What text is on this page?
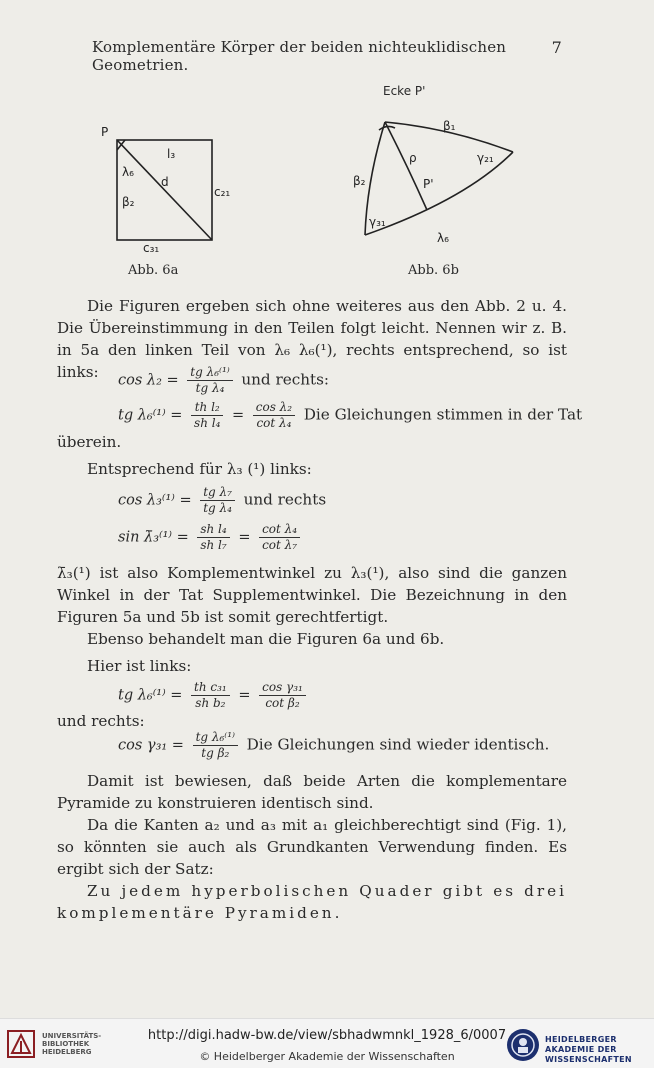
Komplementäre Körper der beiden nichteuklidischen Geometrien.
7
P
λ₆
β₂
l₃
d
c₂₁
c₃₁
Abb. 6a
Ecke P'
β₁
γ₂₁
ρ
P'
β₂
γ₃₁
λ₆
Abb. 6b
Die Figuren ergeben sich ohne weiteres aus den Abb. 2 u. 4. Die Übereinstimmung in den Teilen folgt leicht. Nennen wir z. B. in 5a den linken Teil von λ₆ λ₆(¹), rechts entsprechend, so ist links:	$\cos \lambda_2 = \frac{\text{tg λ₆⁽¹⁾}}{\text{tg λ₄}}$ und rechts:
tg $\lambda_6^{(1)} = \frac{\text{th l₂}}{\text{sh l₄}} = \frac{\text{cos λ₂}}{\text{cot λ₄}}$ Die Gleichungen stimmen in der Tat
überein.
Entsprechend für λ₃ (¹) links:
$\cos \lambda_3^{(1)} = \frac{\text{tg λ₇}}{\text{tg λ₄}}$ und rechts
sin λ̄₃⁽¹⁾ = $\frac{\text{sh l₄}}{\text{sh l₇}} = \frac{\text{cot λ₄}}{\text{cot λ₇}}$
λ̄₃(¹) ist also Komplementwinkel zu λ₃(¹), also sind die ganzen Winkel in der Tat Supplementwinkel. Die Bezeichnung in den Figuren 5a und 5b ist somit gerechtfertigt.
Ebenso behandelt man die Figuren 6a und 6b.
Hier ist links:
tg $\lambda_6^{(1)} = \frac{\text{th c₃₁}}{\text{sh b₂}} = \frac{\text{cos γ₃₁}}{\text{cot β₂}}$
und rechts:
$\cos \gamma_{31} = \frac{\text{tg λ₆⁽¹⁾}}{\text{tg β₂}}$ Die Gleichungen sind wieder identisch.
Damit ist bewiesen, daß beide Arten die komplementare Pyramide zu konstruieren identisch sind.
Da die Kanten a₂ und a₃ mit a₁ gleichberechtigt sind (Fig. 1), so könnten sie auch als Grundkanten Verwendung finden. Es ergibt sich der Satz:
Zu jedem hyperbolischen Quader gibt es drei komplementäre Pyramiden.
UNIVERSITÄTS- BIBLIOTHEK HEIDELBERG
http://digi.hadw-bw.de/view/sbhadwmnkl_1928_6/0007
© Heidelberger Akademie der Wissenschaften
HEIDELBERGER AKADEMIE DER WISSENSCHAFTEN
